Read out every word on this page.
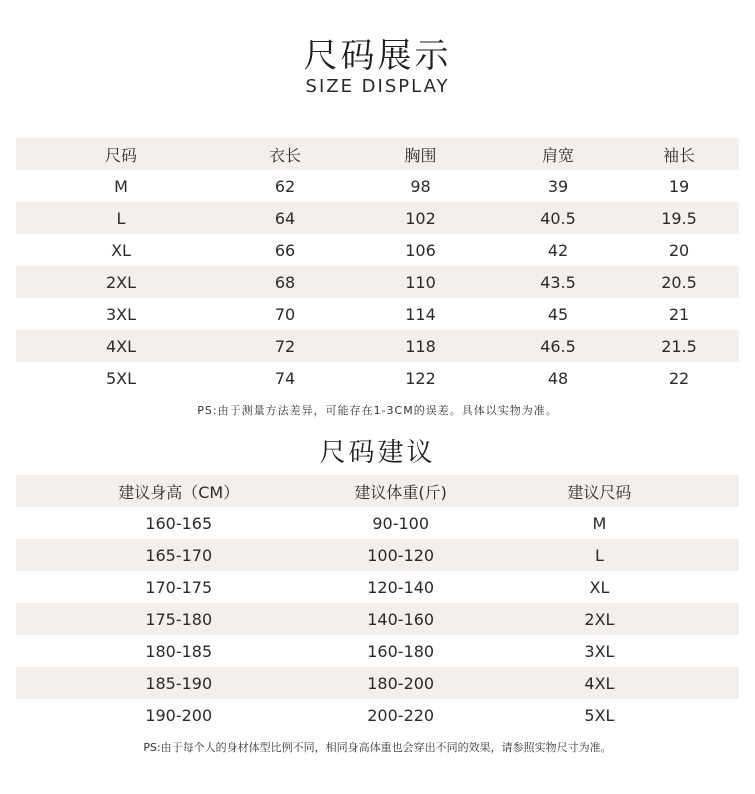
尺码展示
SIZE DISPLAY
尺码	衣长	胸围	肩宽	袖长
M	62	98	39	19
L	64	102	40.5	19.5
XL	66	106	42	20
2XL	68	110	43.5	20.5
3XL	70	114	45	21
4XL	72	118	46.5	21.5
5XL	74	122	48	22
PS:由于测量方法差异，可能存在1-3CM的误差。具体以实物为准。
尺码建议
建议身高（CM）	建议体重(斤)	建议尺码
160-165	90-100	M
165-170	100-120	L
170-175	120-140	XL
175-180	140-160	2XL
180-185	160-180	3XL
185-190	180-200	4XL
190-200	200-220	5XL
PS:由于每个人的身材体型比例不同，相同身高体重也会穿出不同的效果，请参照实物尺寸为准。
